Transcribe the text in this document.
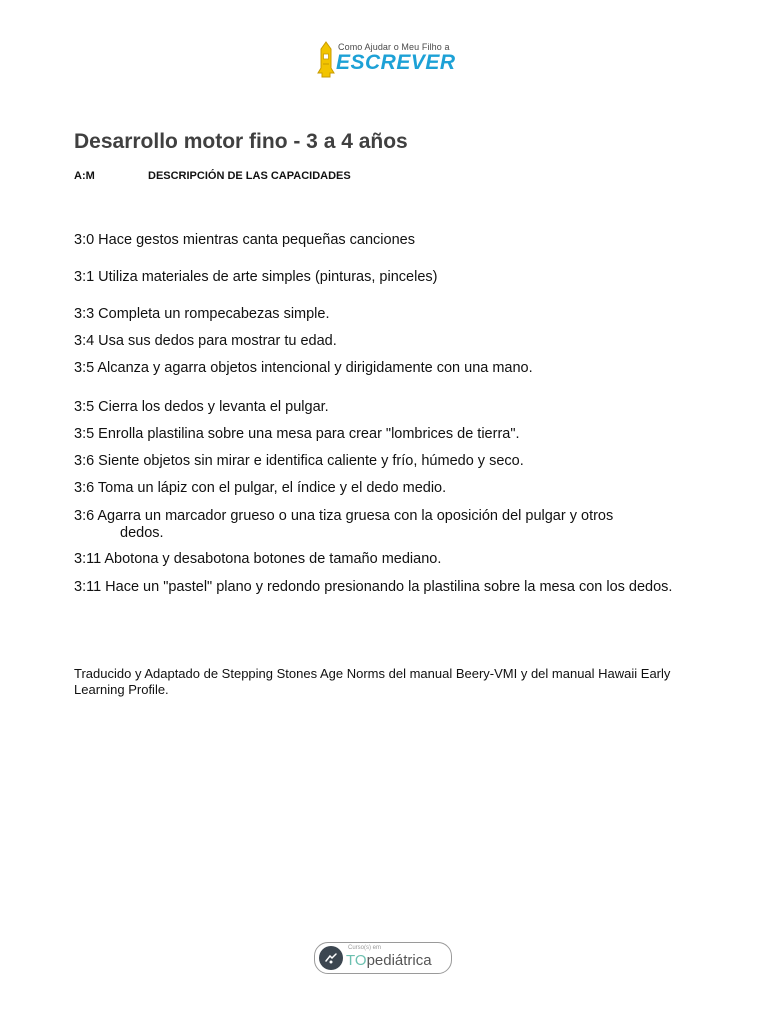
Como Ajudar o Meu Filho a
ESCREVER
Desarrollo motor fino - 3 a 4 años
A:M	DESCRIPCIÓN DE LAS CAPACIDADES
3:0 Hace gestos mientras canta pequeñas canciones
3:1 Utiliza materiales de arte simples (pinturas, pinceles)
3:3 Completa un rompecabezas simple.
3:4 Usa sus dedos para mostrar tu edad.
3:5 Alcanza y agarra objetos intencional y dirigidamente con una mano.
3:5 Cierra los dedos y levanta el pulgar.
3:5 Enrolla plastilina sobre una mesa para crear "lombrices de tierra".
3:6 Siente objetos sin mirar e identifica caliente y frío, húmedo y seco.
3:6 Toma un lápiz con el pulgar, el índice y el dedo medio.
3:6 Agarra un marcador grueso o una tiza gruesa con la oposición del pulgar y otros
dedos.
3:11 Abotona y desabotona botones de tamaño mediano.
3:11 Hace un "pastel" plano y redondo presionando la plastilina sobre la mesa con los dedos.
Traducido y Adaptado de Stepping Stones Age Norms del manual Beery-VMI y del manual Hawaii Early Learning Profile.
Curso(s) em
TOpediátrica
